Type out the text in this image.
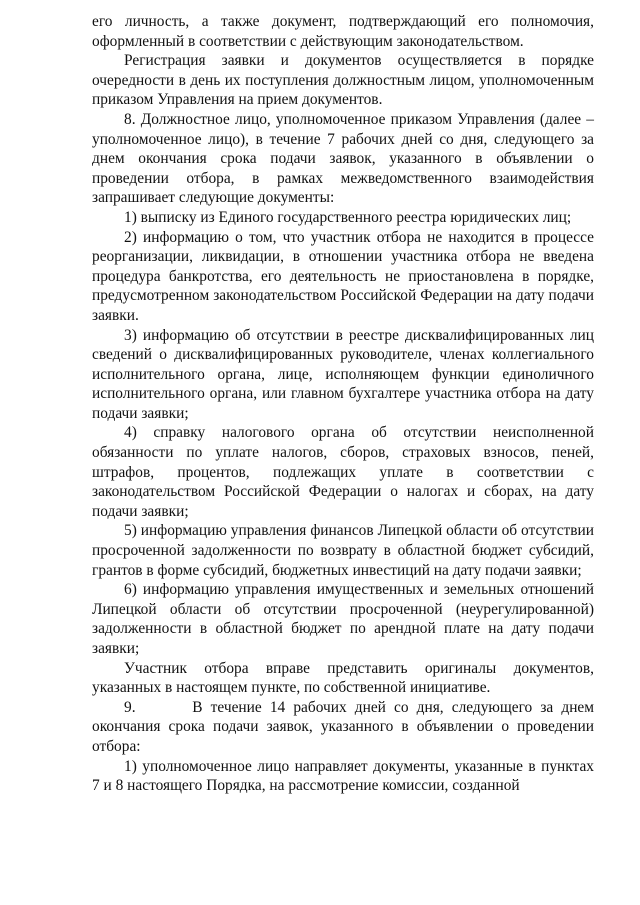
его личность, а также документ, подтверждающий его полномочия, оформленный в соответствии с действующим законодательством.

Регистрация заявки и документов осуществляется в порядке очередности в день их поступления должностным лицом, уполномоченным приказом Управления на прием документов.

8. Должностное лицо, уполномоченное приказом Управления (далее – уполномоченное лицо), в течение 7 рабочих дней со дня, следующего за днем окончания срока подачи заявок, указанного в объявлении о проведении отбора, в рамках межведомственного взаимодействия запрашивает следующие документы:

1) выписку из Единого государственного реестра юридических лиц;

2) информацию о том, что участник отбора не находится в процессе реорганизации, ликвидации, в отношении участника отбора не введена процедура банкротства, его деятельность не приостановлена в порядке, предусмотренном законодательством Российской Федерации на дату подачи заявки.

3) информацию об отсутствии в реестре дисквалифицированных лиц сведений о дисквалифицированных руководителе, членах коллегиального исполнительного органа, лице, исполняющем функции единоличного исполнительного органа, или главном бухгалтере участника отбора на дату подачи заявки;

4) справку налогового органа об отсутствии неисполненной обязанности по уплате налогов, сборов, страховых взносов, пеней, штрафов, процентов, подлежащих уплате в соответствии с законодательством Российской Федерации о налогах и сборах, на дату подачи заявки;

5) информацию управления финансов Липецкой области об отсутствии просроченной задолженности по возврату в областной бюджет субсидий, грантов в форме субсидий, бюджетных инвестиций на дату подачи заявки;

6) информацию управления имущественных и земельных отношений Липецкой области об отсутствии просроченной (неурегулированной) задолженности в областной бюджет по арендной плате на дату подачи заявки;

Участник отбора вправе представить оригиналы документов, указанных в настоящем пункте, по собственной инициативе.

9.       В течение 14 рабочих дней со дня, следующего за днем окончания срока подачи заявок, указанного в объявлении о проведении отбора:

1) уполномоченное лицо направляет документы, указанные в пунктах 7 и 8 настоящего Порядка, на рассмотрение комиссии, созданной
